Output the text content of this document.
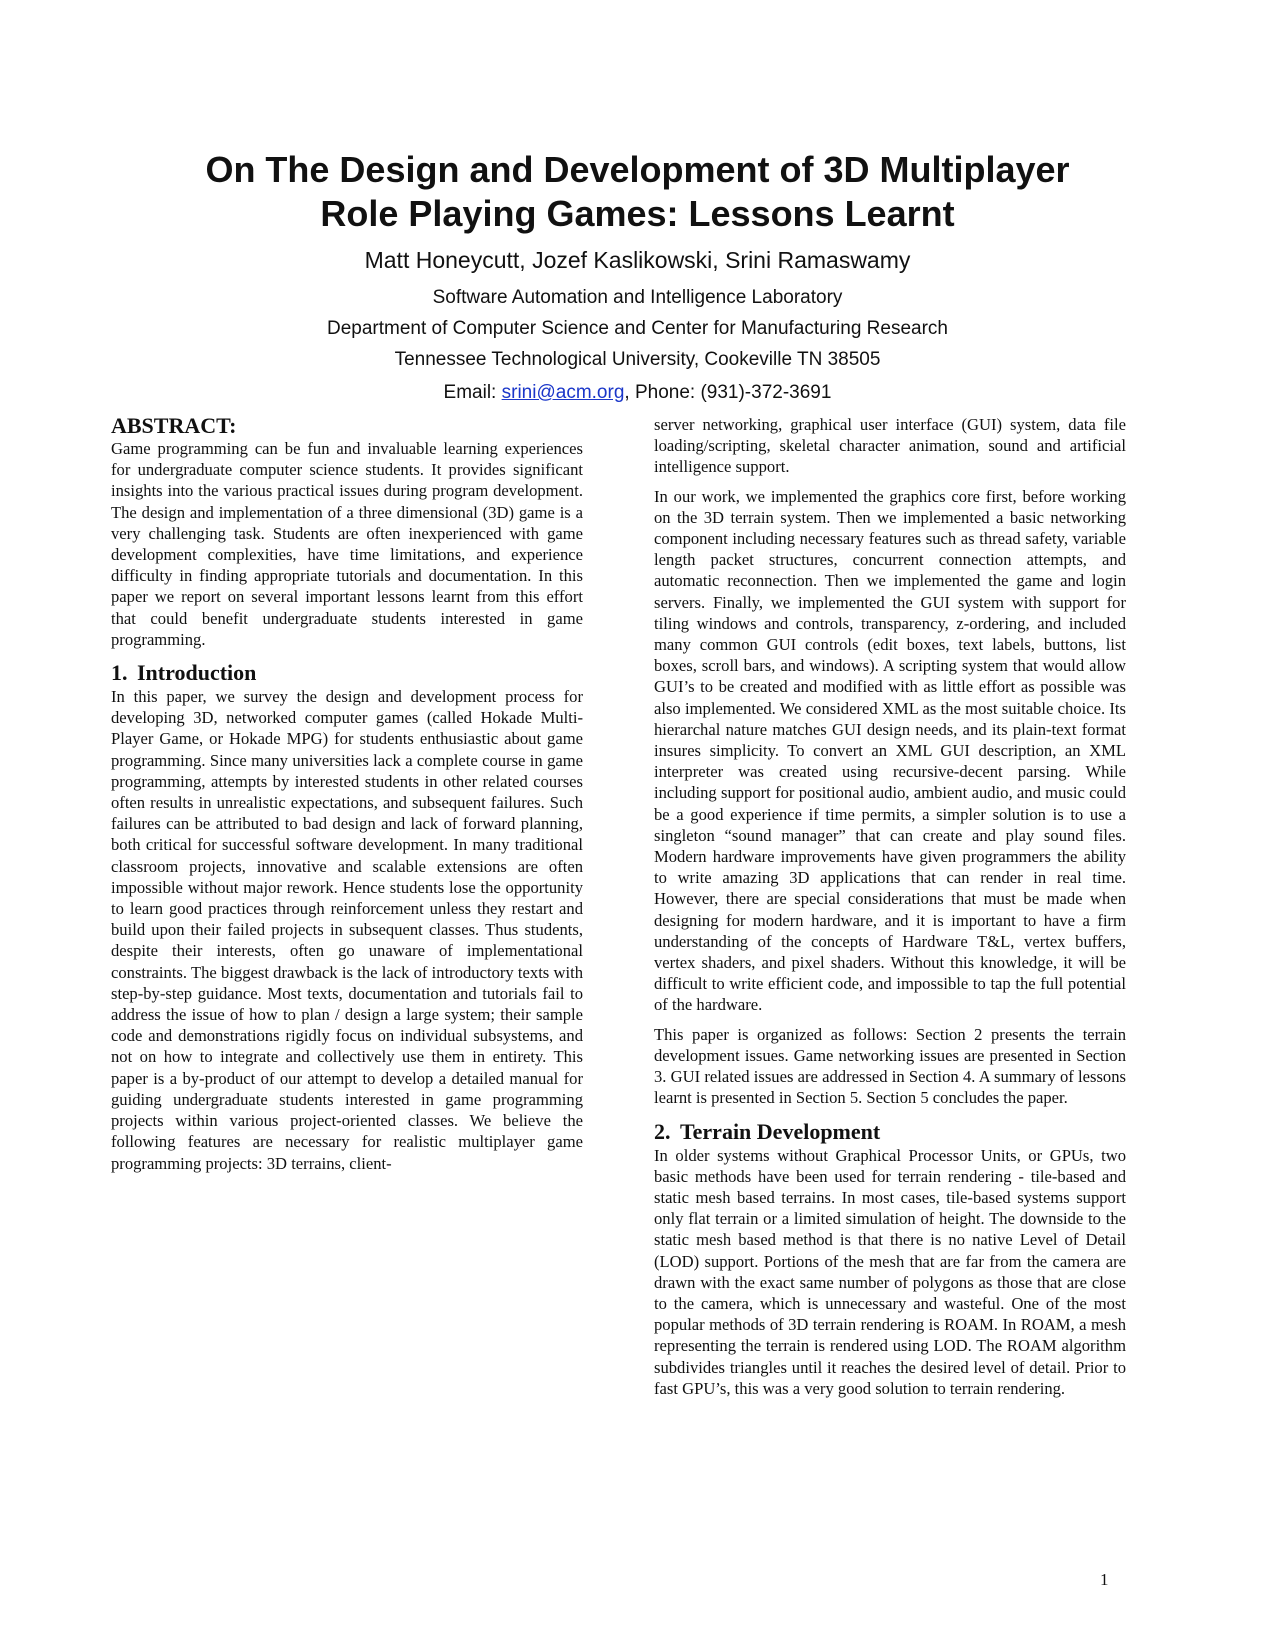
On The Design and Development of 3D Multiplayer
Role Playing Games: Lessons Learnt
Matt Honeycutt, Jozef Kaslikowski, Srini Ramaswamy
Software Automation and Intelligence Laboratory
Department of Computer Science and Center for Manufacturing Research
Tennessee Technological University, Cookeville TN 38505
Email: srini@acm.org, Phone: (931)-372-3691
ABSTRACT:

Game programming can be fun and invaluable learning experiences for undergraduate computer science students. It provides significant insights into the various practical issues during program development. The design and implementation of a three dimensional (3D) game is a very challenging task. Students are often inexperienced with game development complexities, have time limitations, and experience difficulty in finding appropriate tutorials and documentation. In this paper we report on several important lessons learnt from this effort that could benefit undergraduate students interested in game programming.

1. Introduction

In this paper, we survey the design and development process for developing 3D, networked computer games (called Hokade Multi-Player Game, or Hokade MPG) for students enthusiastic about game programming. Since many universities lack a complete course in game programming, attempts by interested students in other related courses often results in unrealistic expectations, and subsequent failures. Such failures can be attributed to bad design and lack of forward planning, both critical for successful software development. In many traditional classroom projects, innovative and scalable extensions are often impossible without major rework. Hence students lose the opportunity to learn good practices through reinforcement unless they restart and build upon their failed projects in subsequent classes. Thus students, despite their interests, often go unaware of implementational constraints. The biggest drawback is the lack of introductory texts with step-by-step guidance. Most texts, documentation and tutorials fail to address the issue of how to plan / design a large system; their sample code and demonstrations rigidly focus on individual subsystems, and not on how to integrate and collectively use them in entirety. This paper is a by-product of our attempt to develop a detailed manual for guiding undergraduate students interested in game programming projects within various project-oriented classes. We believe the following features are necessary for realistic multiplayer game programming projects: 3D terrains, client-

server networking, graphical user interface (GUI) system, data file loading/scripting, skeletal character animation, sound and artificial intelligence support.

In our work, we implemented the graphics core first, before working on the 3D terrain system. Then we implemented a basic networking component including necessary features such as thread safety, variable length packet structures, concurrent connection attempts, and automatic reconnection. Then we implemented the game and login servers. Finally, we implemented the GUI system with support for tiling windows and controls, transparency, z-ordering, and included many common GUI controls (edit boxes, text labels, buttons, list boxes, scroll bars, and windows). A scripting system that would allow GUI’s to be created and modified with as little effort as possible was also implemented. We considered XML as the most suitable choice. Its hierarchal nature matches GUI design needs, and its plain-text format insures simplicity. To convert an XML GUI description, an XML interpreter was created using recursive-decent parsing. While including support for positional audio, ambient audio, and music could be a good experience if time permits, a simpler solution is to use a singleton “sound manager” that can create and play sound files. Modern hardware improvements have given programmers the ability to write amazing 3D applications that can render in real time. However, there are special considerations that must be made when designing for modern hardware, and it is important to have a firm understanding of the concepts of Hardware T&L, vertex buffers, vertex shaders, and pixel shaders. Without this knowledge, it will be difficult to write efficient code, and impossible to tap the full potential of the hardware.

This paper is organized as follows: Section 2 presents the terrain development issues. Game networking issues are presented in Section 3. GUI related issues are addressed in Section 4. A summary of lessons learnt is presented in Section 5. Section 5 concludes the paper.

2. Terrain Development

In older systems without Graphical Processor Units, or GPUs, two basic methods have been used for terrain rendering - tile-based and static mesh based terrains. In most cases, tile-based systems support only flat terrain or a limited simulation of height. The downside to the static mesh based method is that there is no native Level of Detail (LOD) support. Portions of the mesh that are far from the camera are drawn with the exact same number of polygons as those that are close to the camera, which is unnecessary and wasteful. One of the most popular methods of 3D terrain rendering is ROAM. In ROAM, a mesh representing the terrain is rendered using LOD. The ROAM algorithm subdivides triangles until it reaches the desired level of detail. Prior to fast GPU’s, this was a very good solution to terrain rendering.

1
